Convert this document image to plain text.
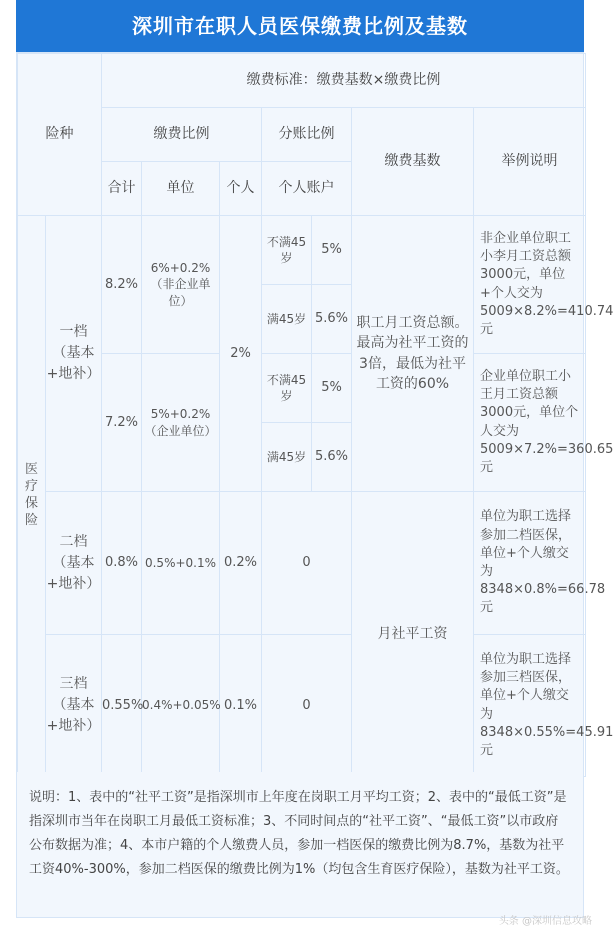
深圳市在职人员医保缴费比例及基数
险种		缴费标准：缴费基数×缴费比例						
		缴费比例			分账比例		缴费基数	举例说明
		合计	单位	个人	个人账户			
医疗保险	一档（基本+地补）	8.2%	6%+0.2%（非企业单位）	2%	不满45岁	5%	职工月工资总额。最高为社平工资的3倍，最低为社平工资的60%	非企业单位职工小李月工资总额3000元，单位+个人交为5009×8.2%=410.74元
					满45岁	5.6%		
		7.2%	5%+0.2%（企业单位）		不满45岁	5%		企业单位职工小王月工资总额3000元，单位个人交为5009×7.2%=360.65元
					满45岁	5.6%		
	二档（基本+地补）	0.8%	0.5%+0.1%	0.2%	0		月社平工资	单位为职工选择参加二档医保，单位+个人缴交为8348×0.8%=66.78元
	三档（基本+地补）	0.55%	0.4%+0.05%	0.1%	0			单位为职工选择参加三档医保，单位+个人缴交为8348×0.55%=45.91元
说明：1、表中的“社平工资”是指深圳市上年度在岗职工月平均工资；2、表中的“最低工资”是指深圳市当年在岗职工月最低工资标准；3、不同时间点的“社平工资”、“最低工资”以市政府公布数据为准；4、本市户籍的个人缴费人员，参加一档医保的缴费比例为8.7%，基数为社平工资40%-300%，参加二档医保的缴费比例为1%（均包含生育医疗保险），基数为社平工资。
头条 @深圳信息攻略
